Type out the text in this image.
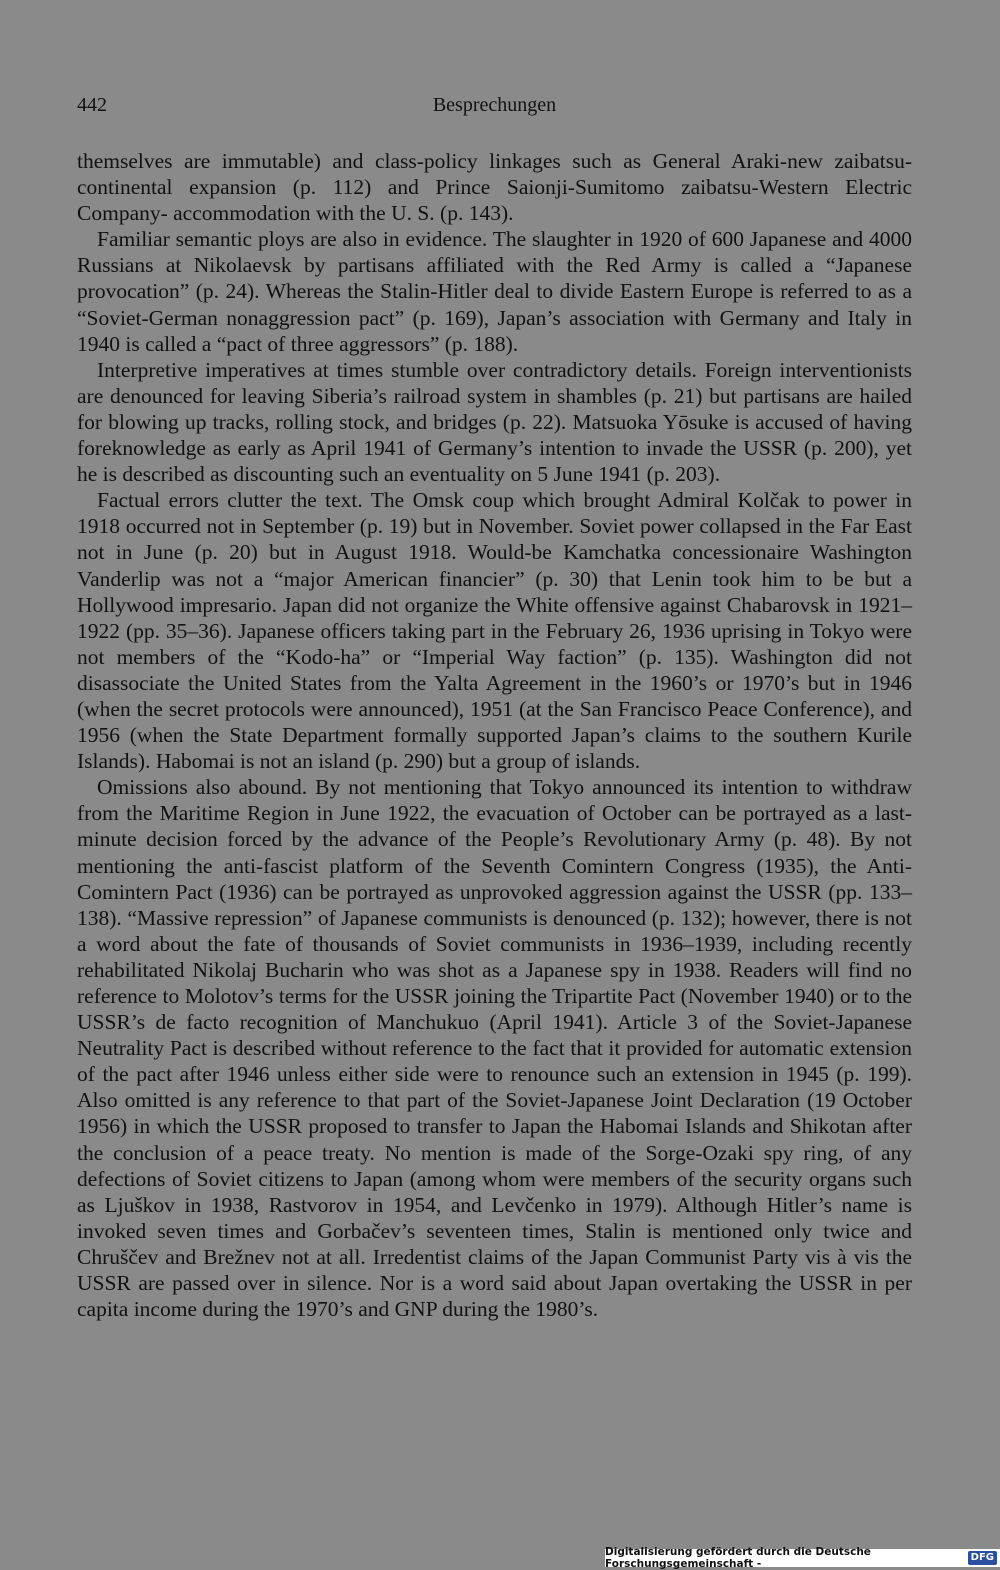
442	Besprechungen

themselves are immutable) and class-policy linkages such as General Araki-new zaibatsu-continental expansion (p. 112) and Prince Saionji-Sumitomo zaibatsu-Western Electric Company- accommodation with the U. S. (p. 143).

Familiar semantic ploys are also in evidence. The slaughter in 1920 of 600 Japanese and 4000 Russians at Nikolaevsk by partisans affiliated with the Red Army is called a “Japanese provocation” (p. 24). Whereas the Stalin-Hitler deal to divide Eastern Europe is referred to as a “Soviet-German nonaggression pact” (p. 169), Japan’s association with Germany and Italy in 1940 is called a “pact of three aggressors” (p. 188).

Interpretive imperatives at times stumble over contradictory details. Foreign interventionists are denounced for leaving Siberia’s railroad system in shambles (p. 21) but partisans are hailed for blowing up tracks, rolling stock, and bridges (p. 22). Matsuoka Yōsuke is accused of having foreknowledge as early as April 1941 of Germany’s intention to invade the USSR (p. 200), yet he is described as discounting such an eventuality on 5 June 1941 (p. 203).

Factual errors clutter the text. The Omsk coup which brought Admiral Kolčak to power in 1918 occurred not in September (p. 19) but in November. Soviet power collapsed in the Far East not in June (p. 20) but in August 1918. Would-be Kamchatka concessionaire Washington Vanderlip was not a “major American financier” (p. 30) that Lenin took him to be but a Hollywood impresario. Japan did not organize the White offensive against Chabarovsk in 1921–1922 (pp. 35–36). Japanese officers taking part in the February 26, 1936 uprising in Tokyo were not members of the “Kodo-ha” or “Imperial Way faction” (p. 135). Washington did not disassociate the United States from the Yalta Agreement in the 1960’s or 1970’s but in 1946 (when the secret protocols were announced), 1951 (at the San Francisco Peace Conference), and 1956 (when the State Department formally supported Japan’s claims to the southern Kurile Islands). Habomai is not an island (p. 290) but a group of islands.

Omissions also abound. By not mentioning that Tokyo announced its intention to withdraw from the Maritime Region in June 1922, the evacuation of October can be portrayed as a last-minute decision forced by the advance of the People’s Revolutionary Army (p. 48). By not mentioning the anti-fascist platform of the Seventh Comintern Congress (1935), the Anti-Comintern Pact (1936) can be portrayed as unprovoked aggression against the USSR (pp. 133–138). “Massive repression” of Japanese communists is denounced (p. 132); however, there is not a word about the fate of thousands of Soviet communists in 1936–1939, including recently rehabilitated Nikolaj Bucharin who was shot as a Japanese spy in 1938. Readers will find no reference to Molotov’s terms for the USSR joining the Tripartite Pact (November 1940) or to the USSR’s de facto recognition of Manchukuo (April 1941). Article 3 of the Soviet-Japanese Neutrality Pact is described without reference to the fact that it provided for automatic extension of the pact after 1946 unless either side were to renounce such an extension in 1945 (p. 199). Also omitted is any reference to that part of the Soviet-Japanese Joint Declaration (19 October 1956) in which the USSR proposed to transfer to Japan the Habomai Islands and Shikotan after the conclusion of a peace treaty. No mention is made of the Sorge-Ozaki spy ring, of any defections of Soviet citizens to Japan (among whom were members of the security organs such as Ljuškov in 1938, Rastvorov in 1954, and Levčenko in 1979). Although Hitler’s name is invoked seven times and Gorbačev’s seventeen times, Stalin is mentioned only twice and Chruščev and Brežnev not at all. Irredentist claims of the Japan Communist Party vis à vis the USSR are passed over in silence. Nor is a word said about Japan overtaking the USSR in per capita income during the 1970’s and GNP during the 1980’s.

Digitalisierung gefördert durch die Deutsche Forschungsgemeinschaft -
DFG
